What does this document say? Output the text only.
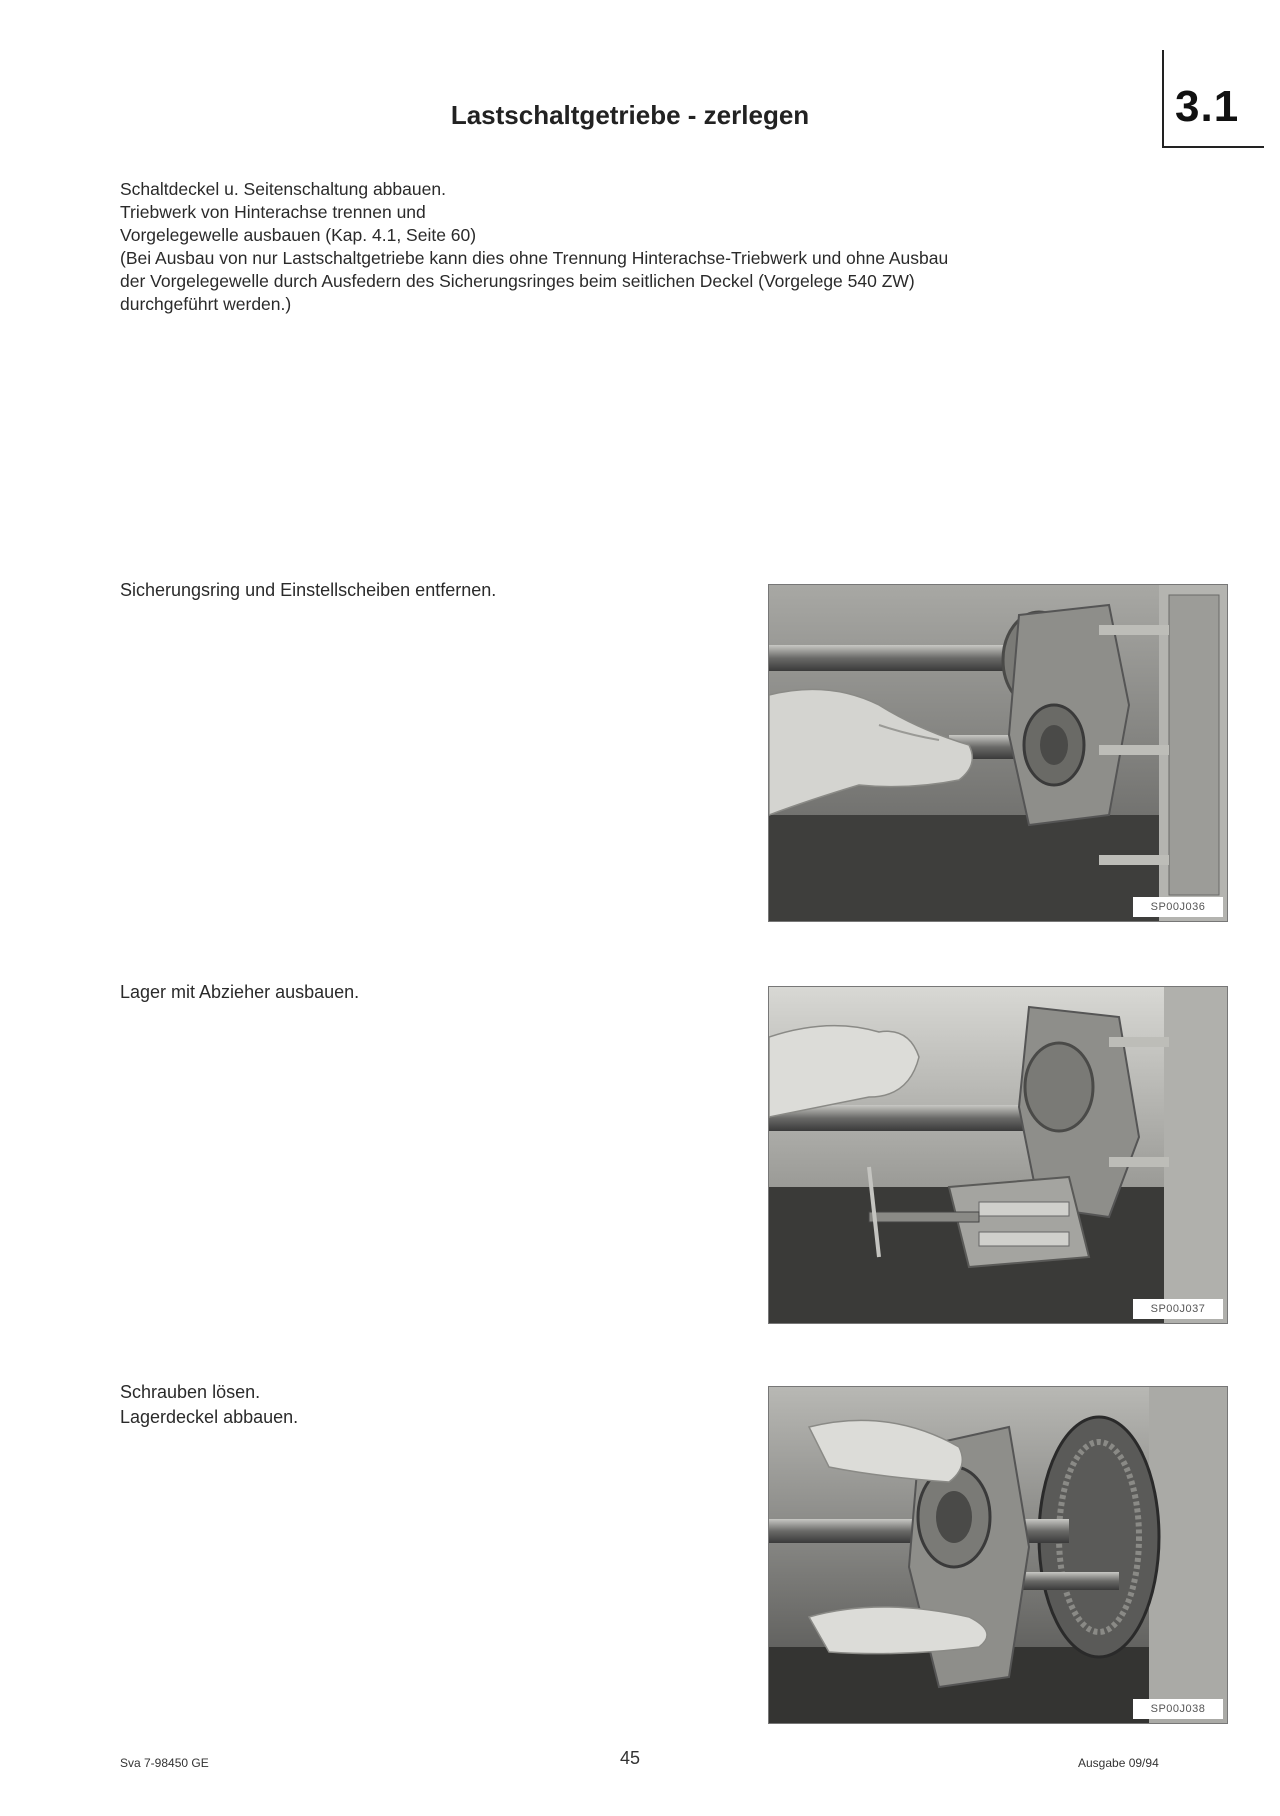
Lastschaltgetriebe - zerlegen	3.1
Schaltdeckel u. Seitenschaltung abbauen.
Triebwerk von Hinterachse trennen und
Vorgelegewelle ausbauen (Kap. 4.1, Seite 60)
(Bei Ausbau von nur Lastschaltgetriebe kann dies ohne Trennung Hinterachse-Triebwerk und ohne Ausbau
der Vorgelegewelle durch Ausfedern des Sicherungsringes beim seitlichen Deckel (Vorgelege 540 ZW)
durchgeführt werden.)
Sicherungsring und Einstellscheiben entfernen.
SP00J036
Lager mit Abzieher ausbauen.
SP00J037
Schrauben lösen.
Lagerdeckel abbauen.
SP00J038
Sva 7-98450 GE	45	Ausgabe 09/94
